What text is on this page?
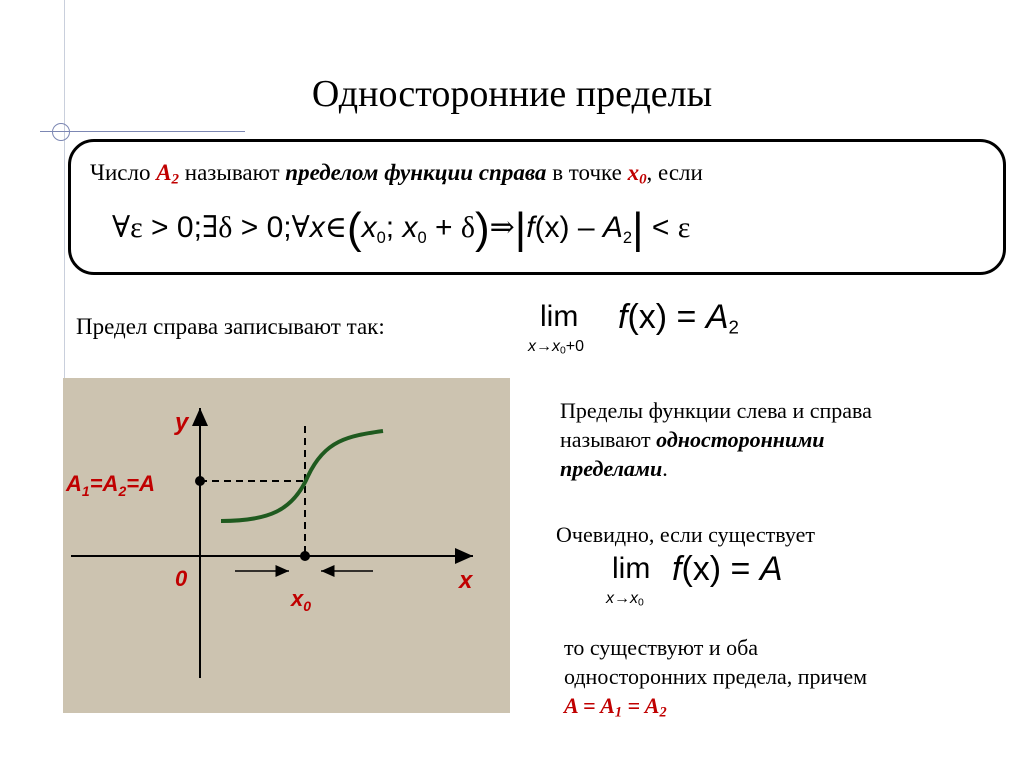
Односторонние пределы
Число $A_2$ называют пределом функции справа в точке $x_0$, если
∀ε > 0;∃δ > $0;\forall x\in(x_0$; $x_0$ + δ)⇒|f(x) – $A_2| < \varepsilon$
Предел справа записывают так:	lim
$x\to x_0+0$
$f(x) = A_2$
y
x
0
$x_0$
$A_1=A_2=A$
Пределы функции слева и справа
называют односторонними
пределами.
Очевидно, если существует
lim
$x\to x_0$
f(x) = A
то существуют и оба
односторонних предела, причем
$A = A_1 = A_2$
